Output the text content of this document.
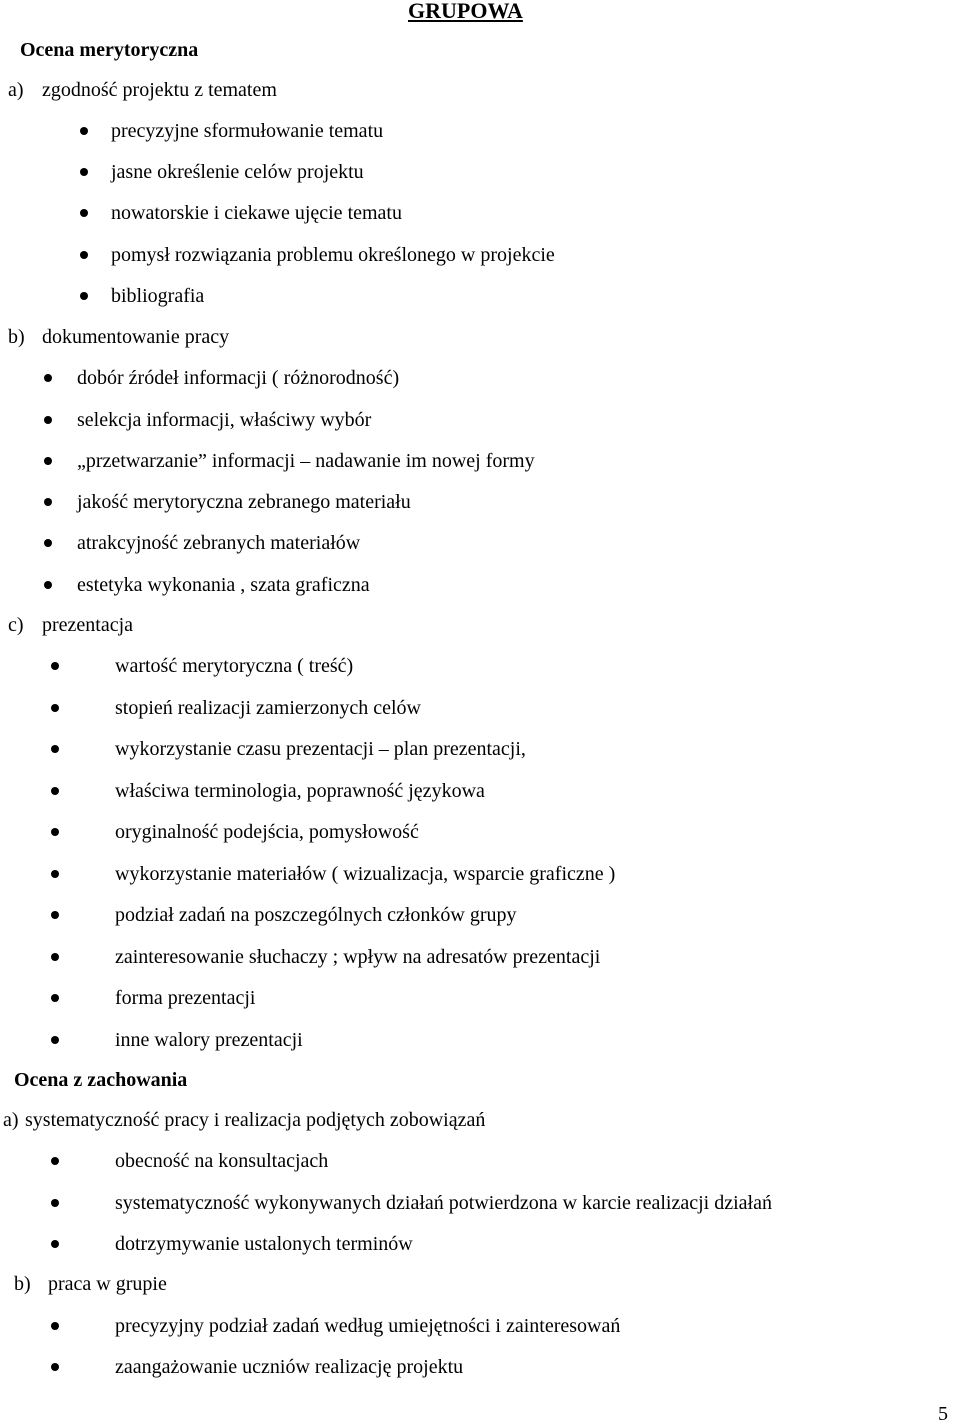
GRUPOWA
Ocena merytoryczna
a) zgodność projektu z tematem
precyzyjne sformułowanie tematu
jasne określenie celów projektu
nowatorskie i ciekawe ujęcie tematu
pomysł rozwiązania problemu określonego w projekcie
bibliografia
b) dokumentowanie pracy
dobór źródeł informacji ( różnorodność)
selekcja informacji, właściwy wybór
„przetwarzanie” informacji – nadawanie im nowej formy
jakość merytoryczna zebranego materiału
atrakcyjność zebranych materiałów
estetyka wykonania , szata graficzna
c) prezentacja
wartość merytoryczna ( treść)
stopień realizacji zamierzonych celów
wykorzystanie czasu prezentacji – plan prezentacji,
właściwa terminologia, poprawność językowa
oryginalność podejścia, pomysłowość
wykorzystanie materiałów ( wizualizacja, wsparcie graficzne )
podział zadań na poszczególnych członków grupy
zainteresowanie słuchaczy ; wpływ na adresatów prezentacji
forma prezentacji
inne walory prezentacji
Ocena z zachowania
a) systematyczność pracy i realizacja podjętych zobowiązań
obecność na konsultacjach
systematyczność wykonywanych działań potwierdzona w karcie realizacji działań
dotrzymywanie ustalonych terminów
b) praca w grupie
precyzyjny podział zadań według umiejętności i zainteresowań
zaangażowanie uczniów realizację projektu
5
